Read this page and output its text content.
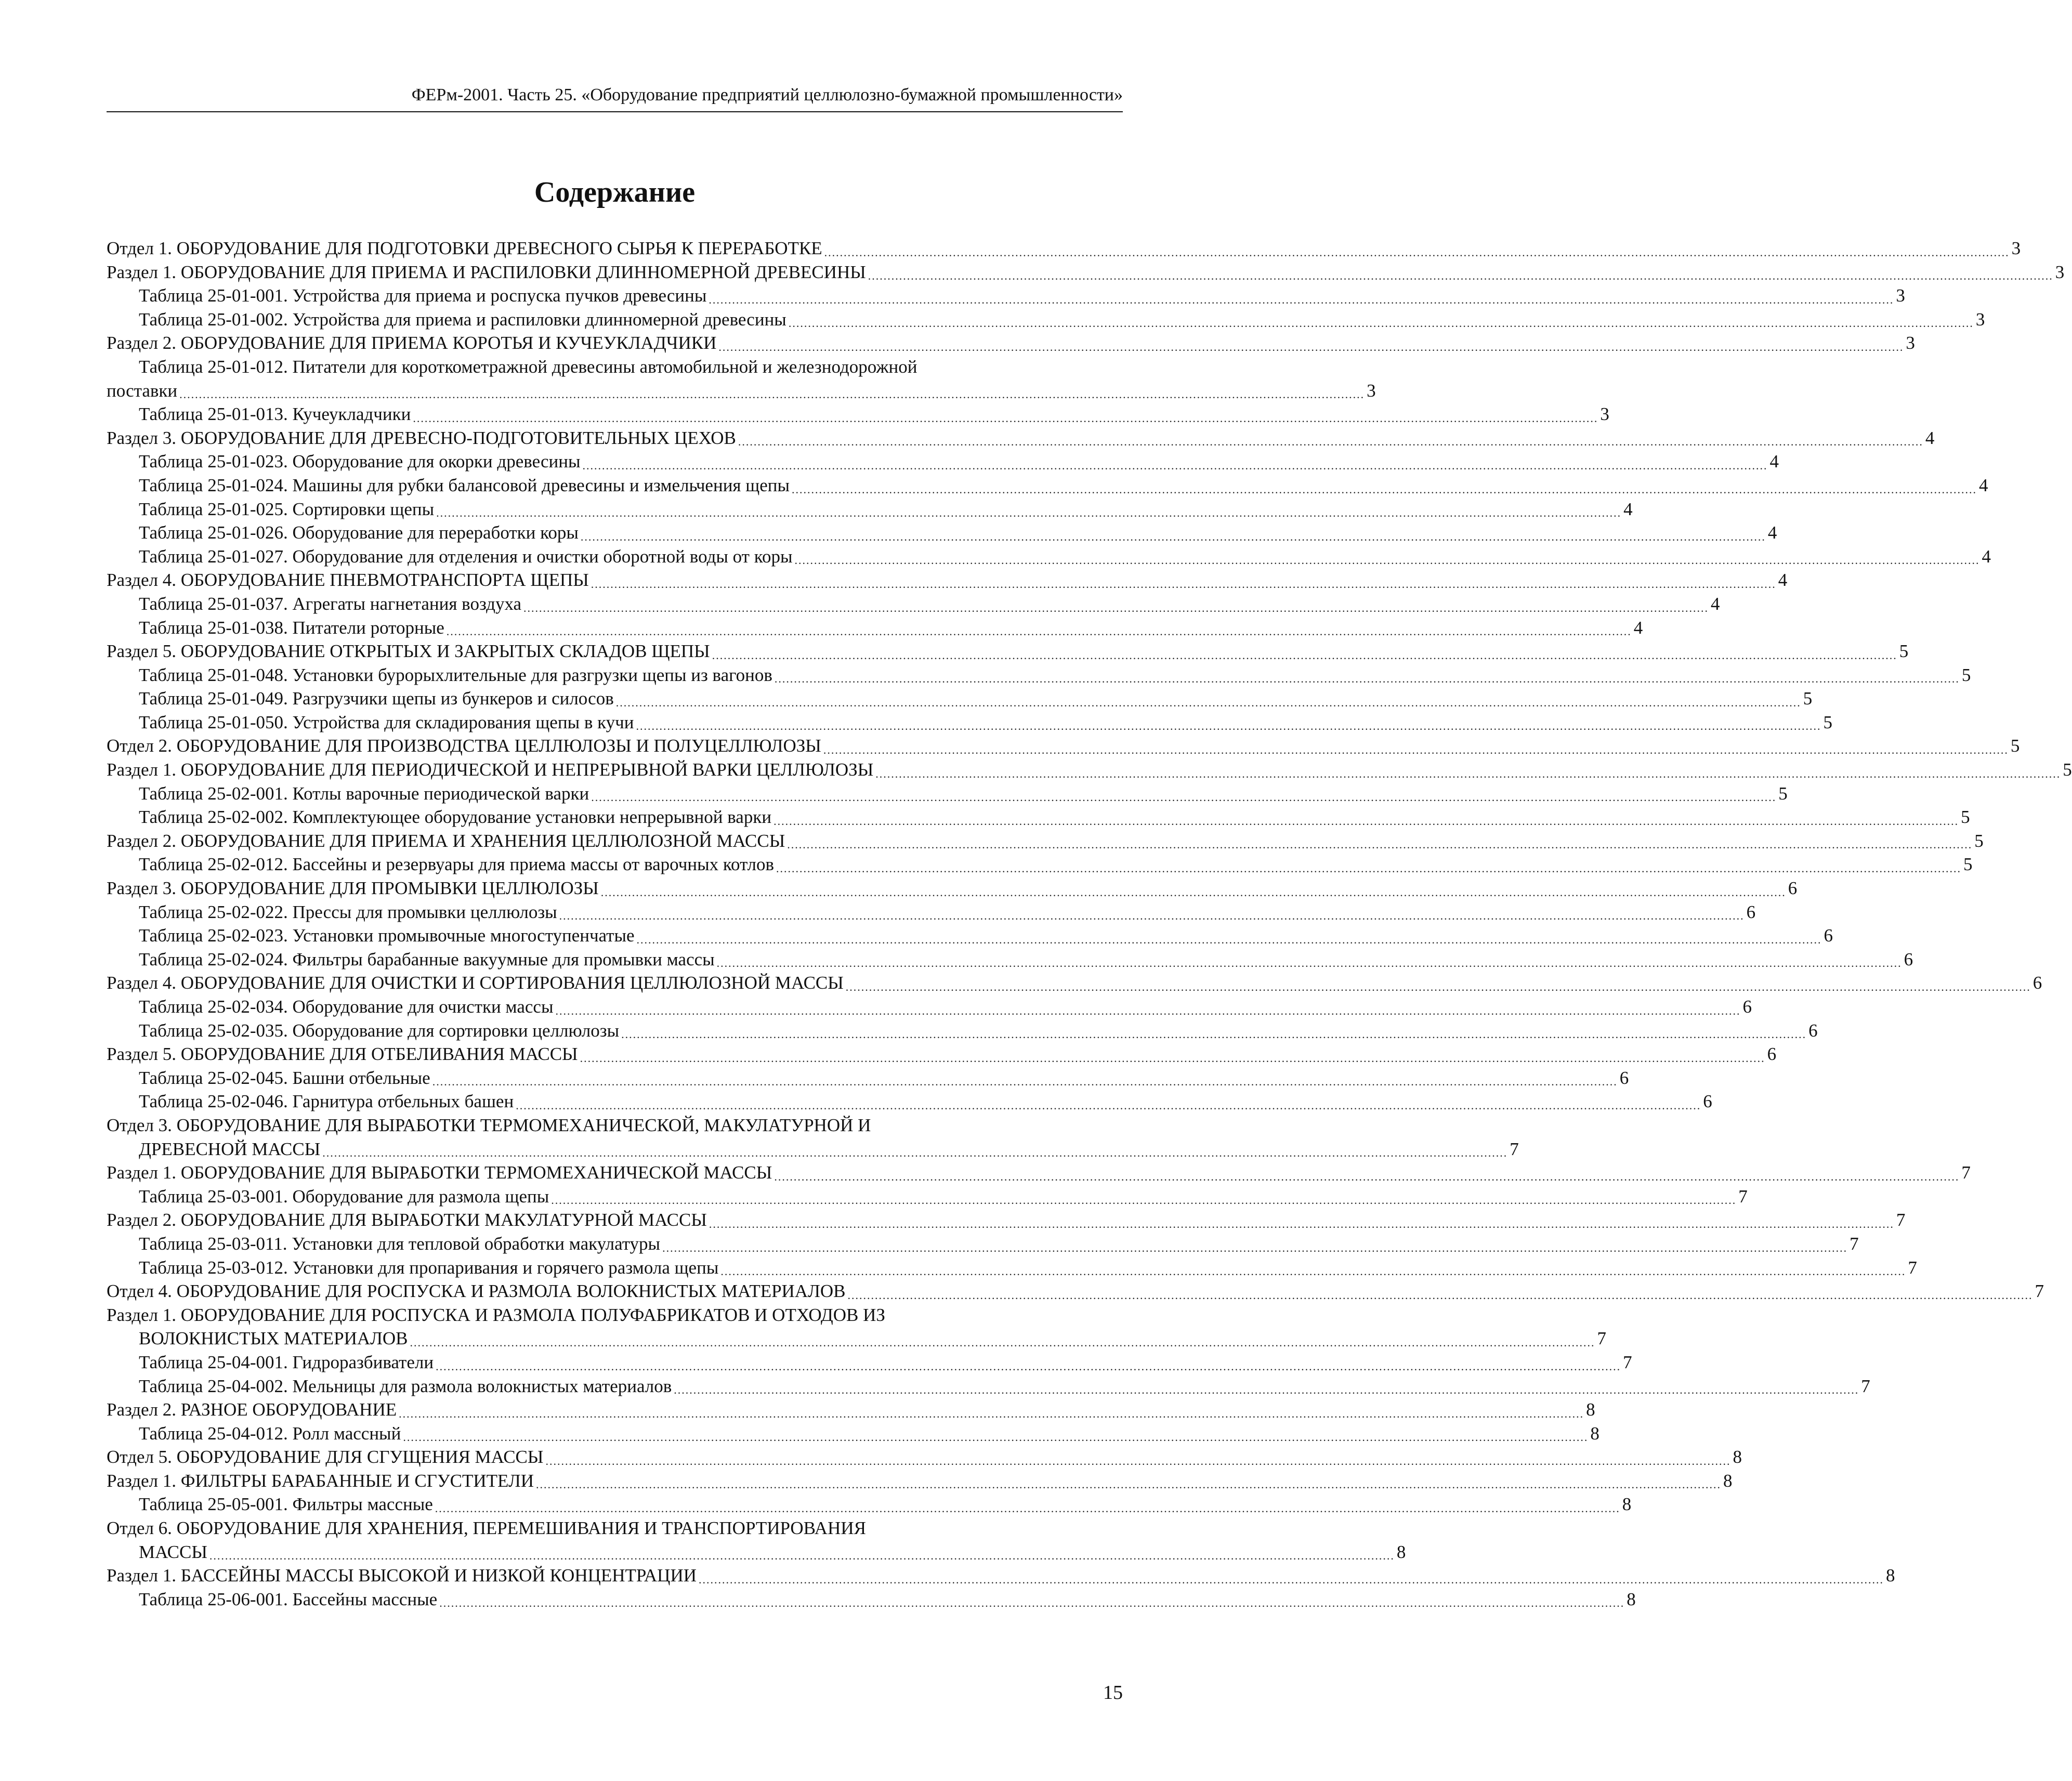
ФЕРм-2001. Часть 25. «Оборудование предприятий целлюлозно-бумажной промышленности»
Содержание
Отдел 1. ОБОРУДОВАНИЕ ДЛЯ ПОДГОТОВКИ ДРЕВЕСНОГО СЫРЬЯ К ПЕРЕРАБОТКЕ .....	3
Раздел 1. ОБОРУДОВАНИЕ ДЛЯ ПРИЕМА И РАСПИЛОВКИ ДЛИННОМЕРНОЙ ДРЕВЕСИНЫ .....	3
Таблица 25-01-001. Устройства для приема и роспуска пучков древесины .....	3
Таблица 25-01-002. Устройства для приема и распиловки длинномерной древесины .....	3
Раздел 2. ОБОРУДОВАНИЕ ДЛЯ ПРИЕМА КОРОТЬЯ И КУЧЕУКЛАДЧИКИ .....	3
Таблица 25-01-012. Питатели для короткометражной древесины автомобильной и железнодорожной
поставки .....	3
Таблица 25-01-013. Кучеукладчики .....	3
Раздел 3. ОБОРУДОВАНИЕ ДЛЯ ДРЕВЕСНО-ПОДГОТОВИТЕЛЬНЫХ ЦЕХОВ .....	4
Таблица 25-01-023. Оборудование для окорки древесины .....	4
Таблица 25-01-024. Машины для рубки балансовой древесины и измельчения щепы .....	4
Таблица 25-01-025. Сортировки щепы .....	4
Таблица 25-01-026. Оборудование для переработки коры .....	4
Таблица 25-01-027. Оборудование для отделения и очистки оборотной воды от коры .....	4
Раздел 4. ОБОРУДОВАНИЕ ПНЕВМОТРАНСПОРТА ЩЕПЫ .....	4
Таблица 25-01-037. Агрегаты нагнетания воздуха .....	4
Таблица 25-01-038. Питатели роторные .....	4
Раздел 5. ОБОРУДОВАНИЕ ОТКРЫТЫХ И ЗАКРЫТЫХ СКЛАДОВ ЩЕПЫ .....	5
Таблица 25-01-048. Установки бурорыхлительные для разгрузки щепы из вагонов .....	5
Таблица 25-01-049. Разгрузчики щепы из бункеров и силосов .....	5
Таблица 25-01-050. Устройства для складирования щепы в кучи .....	5
Отдел 2. ОБОРУДОВАНИЕ ДЛЯ ПРОИЗВОДСТВА ЦЕЛЛЮЛОЗЫ И ПОЛУЦЕЛЛЮЛОЗЫ .....	5
Раздел 1. ОБОРУДОВАНИЕ ДЛЯ ПЕРИОДИЧЕСКОЙ И НЕПРЕРЫВНОЙ ВАРКИ ЦЕЛЛЮЛОЗЫ .....	5
Таблица 25-02-001. Котлы варочные периодической варки .....	5
Таблица 25-02-002. Комплектующее оборудование установки непрерывной варки .....	5
Раздел 2. ОБОРУДОВАНИЕ ДЛЯ ПРИЕМА И ХРАНЕНИЯ ЦЕЛЛЮЛОЗНОЙ МАССЫ .....	5
Таблица 25-02-012. Бассейны и резервуары для приема массы от варочных котлов .....	5
Раздел 3. ОБОРУДОВАНИЕ ДЛЯ ПРОМЫВКИ ЦЕЛЛЮЛОЗЫ .....	6
Таблица 25-02-022. Прессы для промывки целлюлозы .....	6
Таблица 25-02-023. Установки промывочные многоступенчатые .....	6
Таблица 25-02-024. Фильтры барабанные вакуумные для промывки массы .....	6
Раздел 4. ОБОРУДОВАНИЕ ДЛЯ ОЧИСТКИ И СОРТИРОВАНИЯ ЦЕЛЛЮЛОЗНОЙ МАССЫ .....	6
Таблица 25-02-034. Оборудование для очистки массы .....	6
Таблица 25-02-035. Оборудование для сортировки целлюлозы .....	6
Раздел 5. ОБОРУДОВАНИЕ ДЛЯ ОТБЕЛИВАНИЯ МАССЫ .....	6
Таблица 25-02-045. Башни отбельные .....	6
Таблица 25-02-046. Гарнитура отбельных башен .....	6
Отдел 3. ОБОРУДОВАНИЕ ДЛЯ ВЫРАБОТКИ ТЕРМОМЕХАНИЧЕСКОЙ, МАКУЛАТУРНОЙ И
ДРЕВЕСНОЙ МАССЫ .....	7
Раздел 1. ОБОРУДОВАНИЕ ДЛЯ ВЫРАБОТКИ ТЕРМОМЕХАНИЧЕСКОЙ МАССЫ .....	7
Таблица 25-03-001. Оборудование для размола щепы .....	7
Раздел 2. ОБОРУДОВАНИЕ ДЛЯ ВЫРАБОТКИ МАКУЛАТУРНОЙ МАССЫ .....	7
Таблица 25-03-011. Установки для тепловой обработки макулатуры .....	7
Таблица 25-03-012. Установки для пропаривания и горячего размола щепы .....	7
Отдел 4. ОБОРУДОВАНИЕ ДЛЯ РОСПУСКА И РАЗМОЛА ВОЛОКНИСТЫХ МАТЕРИАЛОВ .....	7
Раздел 1. ОБОРУДОВАНИЕ ДЛЯ РОСПУСКА И РАЗМОЛА ПОЛУФАБРИКАТОВ И ОТХОДОВ ИЗ
ВОЛОКНИСТЫХ МАТЕРИАЛОВ .....	7
Таблица 25-04-001. Гидроразбиватели .....	7
Таблица 25-04-002. Мельницы для размола волокнистых материалов .....	7
Раздел 2. РАЗНОЕ ОБОРУДОВАНИЕ .....	8
Таблица 25-04-012. Ролл массный .....	8
Отдел 5. ОБОРУДОВАНИЕ ДЛЯ СГУЩЕНИЯ МАССЫ .....	8
Раздел 1. ФИЛЬТРЫ БАРАБАННЫЕ И СГУСТИТЕЛИ .....	8
Таблица 25-05-001. Фильтры массные .....	8
Отдел 6. ОБОРУДОВАНИЕ ДЛЯ ХРАНЕНИЯ, ПЕРЕМЕШИВАНИЯ И ТРАНСПОРТИРОВАНИЯ
МАССЫ .....	8
Раздел 1. БАССЕЙНЫ МАССЫ ВЫСОКОЙ И НИЗКОЙ КОНЦЕНТРАЦИИ .....	8
Таблица 25-06-001. Бассейны массные .....	8
15
